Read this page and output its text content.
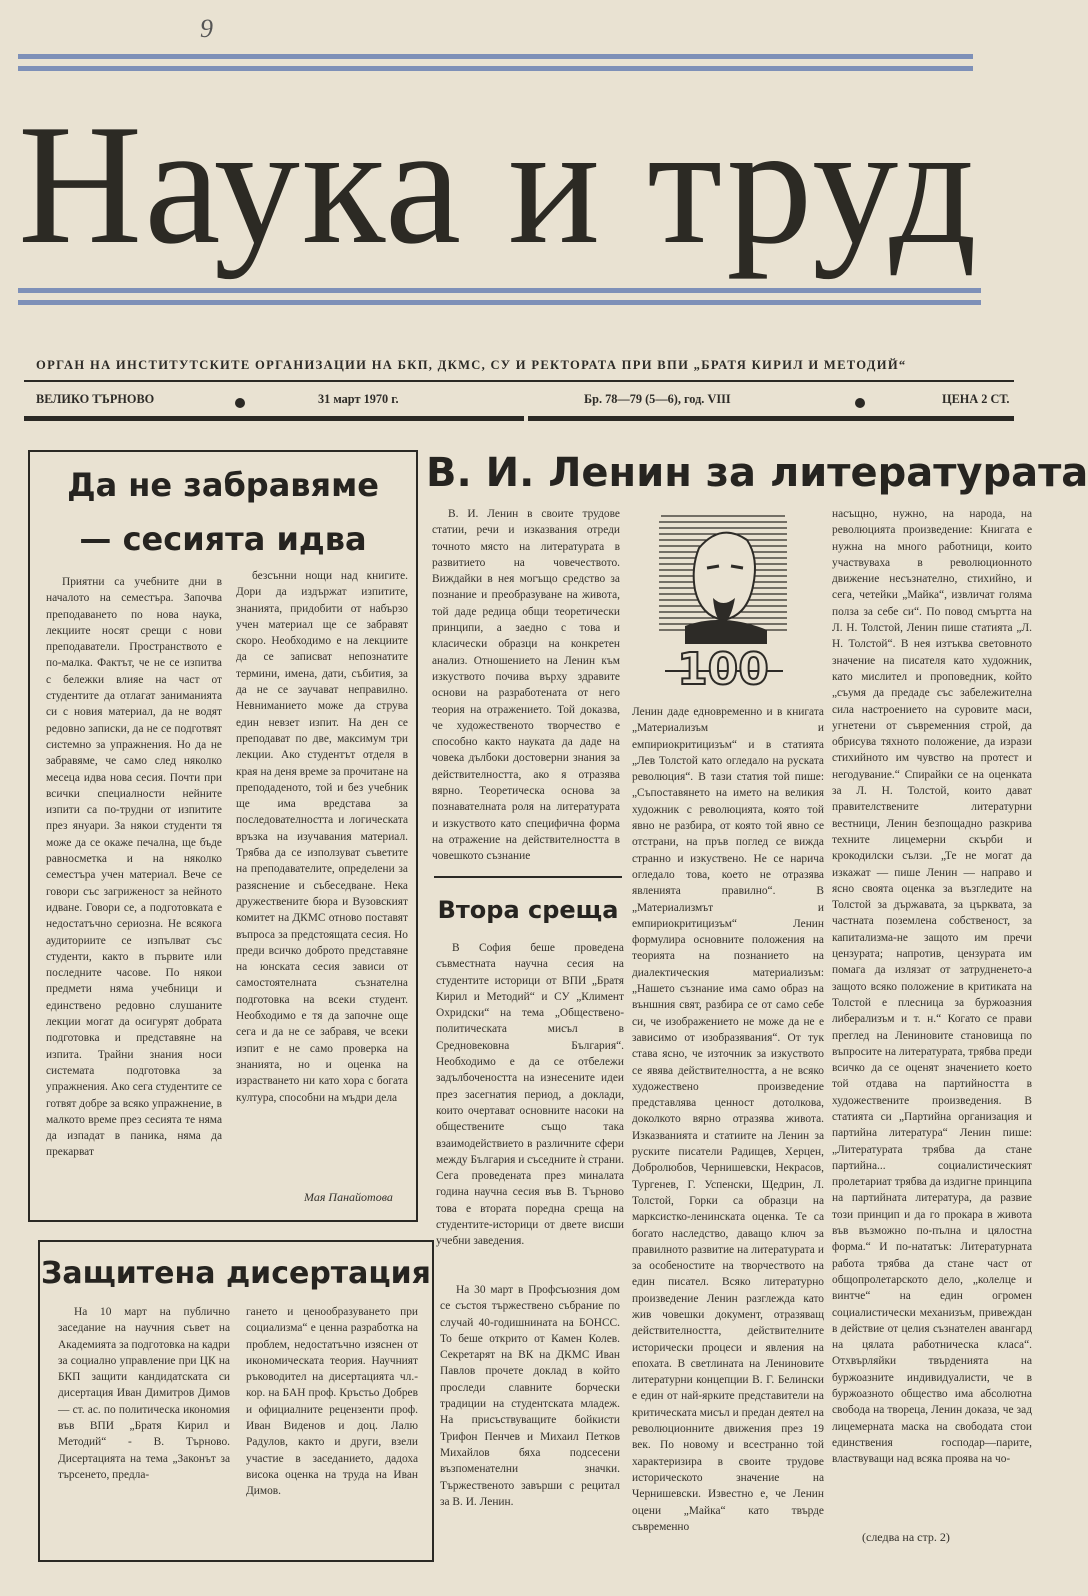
9
Наука и труд
ОРГАН НА ИНСТИТУТСКИТЕ ОРГАНИЗАЦИИ НА БКП, ДКМС, СУ И РЕКТОРАТА ПРИ ВПИ „БРАТЯ КИРИЛ И МЕТОДИЙ“
ВЕЛИКО ТЪРНОВО	31 март 1970 г.	Бр. 78—79 (5—6), год. VIII	ЦЕНА 2 СТ.
Да не забравяме
— сесията идва

Приятни са учебните дни в началото на семестъра. Започва преподаването по нова наука, лекциите носят срещи с нови преподаватели. Пространството е по-малка. Фактът, че не се изпитва с бележки влияе на част от студентите да отлагат заниманията си с новия материал, да не водят редовно записки, да не се подготвят системно за упражнения. Но да не забравяме, че само след няколко месеца идва нова сесия. Почти при всички специалности нейните изпити са по-трудни от изпитите през януари. За някои студенти тя може да се окаже печална, ще бъде равносметка и на няколко семестъра учен материал. Вече се говори със загриженост за нейното идване. Говори се, а подготовката е недостатъчно сериозна. Не всякога аудиториите се изпълват със студенти, както в първите или последните часове. По някои предмети няма учебници и единствено редовно слушаните лекции могат да осигурят добрата подготовка и представяне на изпита. Трайни знания носи системата подготовка за упражнения. Ако сега студентите се готвят добре за всяко упражнение, в малкото време през сесията те няма да изпадат в паника, няма да прекарват

безсънни нощи над книгите. Дори да издържат изпитите, знанията, придобити от набързо учен материал ще се забравят скоро. Необходимо е на лекциите да се записват непознатите термини, имена, дати, събития, за да не се заучават неправилно. Невниманието може да струва един невзет изпит. На ден се преподават по две, максимум три лекции. Ако студентът отделя в края на деня време за прочитане на преподаденото, той и без учебник ще има вредстава за последователността и логическата връзка на изучавания материал. Трябва да се използуват съветите на преподавателите, определени за разяснение и събеседване. Нека дружествените бюра и Вузовският комитет на ДКМС отново поставят въпроса за предстоящата сесия. Но преди всичко доброто представяне на юнската сесия зависи от самостоятелната съзнателна подготовка на всеки студент. Необходимо е тя да започне още сега и да не се забравя, че всеки изпит е не само проверка на знанията, но и оценка на израстването ни като хора с богата култура, способни на мъдри дела

Мая Панайотова
В. И. Ленин за литературата

В. И. Ленин в своите трудове статии, речи и изказвания отреди точното място на литературата в развитието на човечеството. Виждайки в нея могъщо средство за познание и преобразуване на живота, той даде редица общи теоретически принципи, а заедно с това и класически образци на конкретен анализ. Отношението на Ленин към изкуството почива върху здравите основи на разработената от него теория на отражението. Той доказва, че художественото творчество е способно както науката да даде на човека дълбоки достоверни знания за действителността, ако я отразява вярно. Теоретическа основа за познавателната роля на литературата и изкуството като специфична форма на отражение на действителността в човешкото съзнание

100

Ленин даде едновременно и в книгата „Материализъм и емпириокритицизъм“ и в статията „Лев Толстой като огледало на руската революция“. В тази статия той пише: „Съпоставянето на името на великия художник с революцията, която той явно не разбира, от която той явно се отстрани, на пръв поглед се вижда странно и изкуствено. Не се нарича огледало това, което не отразява явленията правилно“. В „Материализмът и емпириокритицизъм“ Ленин формулира основните положения на теорията на познанието на диалектическия материализъм: „Нашето съзнание има само образ на външния свят, разбира се от само себе си, че изображението не може да не е зависимо от изобразявания“. От тук става ясно, че източник за изкуството се явява действителността, а не всяко художествено произведение представлява ценност дотолкова, доколкото вярно отразява живота. Изказванията и статиите на Ленин за руските писатели Радищев, Херцен, Добролюбов, Чернишевски, Некрасов, Тургенев, Г. Успенски, Щедрин, Л. Толстой, Горки са образци на марксистко-ленинската оценка. Те са богато наследство, даващо ключ за правилното развитие на литературата и за особеностите на творчеството на един писател. Всяко литературно произведение Ленин разглежда като жив човешки документ, отразяващ действителността, действителните исторически процеси и явления на епохата. В светлината на Лениновите литературни концепции В. Г. Белински е един от най-ярките представители на критическата мисъл и предан деятел на революционните движения през 19 век. По новому и всестранно той характеризира в своите трудове историческото значение на Чернишевски. Известно е, че Ленин оцени „Майка“ като твърде съвременно

насъщно, нужно, на народа, на революцията произведение: Книгата е нужна на много работници, които участвуваха в революционното движение несъзнателно, стихийно, и сега, четейки „Майка“, извличат голяма полза за себе си“. По повод смъртта на Л. Н. Толстой, Ленин пише статията „Л. Н. Толстой“. В нея изтъква световното значение на писателя като художник, като мислител и проповедник, който „съумя да предаде със забележителна сила настроението на суровите маси, угнетени от съвременния строй, да обрисува тяхното положение, да изрази стихийното им чувство на протест и негодувание.“ Спирайки се на оценката за Л. Н. Толстой, които дават правителствените литературни вестници, Ленин безпощадно разкрива техните лицемерни скърби и крокодилски сълзи. „Те не могат да изкажат — пише Ленин — направо и ясно своята оценка за възгледите на Толстой за държавата, за църквата, за частната поземлена собственост, за капитализма-не защото им пречи цензурата; напротив, цензурата им помага да излязат от затрудненето-а защото всяко положение в критиката на Толстой е плесница за буржоазния либерализъм и т. н.“ Когато се прави преглед на Лениновите становища по въпросите на литературата, трябва преди всичко да се оценят значението което той отдава на партийността в художествените произведения. В статията си „Партийна организация и партийна литература“ Ленин пише: „Литературата трябва да стане партийна... социалистическият пролетариат трябва да издигне принципа на партийната литература, да развие този принцип и да го прокара в живота във възможно по-пълна и цялостна форма.“ И по-нататък: Литературната работа трябва да стане част от общопролетарското дело, „колелце и винтче“ на един огромен социалистически механизъм, привеждан в действие от целия съзнателен авангард на цялата работническа класа“. Отхвърляйки твърденията на буржоазните индивидуалисти, че в буржоазното общество има абсолютна свобода на твореца, Ленин доказа, че зад лицемерната маска на свободата стои единствения господар—парите, властвуващи над всяка проява на чо-

(следва на стр. 2)
Втора среща

В София беше проведена съвместната научна сесия на студентите историци от ВПИ „Братя Кирил и Методий“ и СУ „Климент Охридски“ на тема „Обществено-политическата мисъл в Средновековна България“. Необходимо е да се отбележи задълбочеността на изнесените идеи през засегнатия период, а доклади, които очертават основните насоки на обществените също така взаимодействието в различните сфери между България и съседните ѝ страни. Сега проведената през миналата година научна сесия във В. Търново това е втората поредна среща на студентите-историци от двете висши учебни заведения.

Защитена дисертация

На 10 март на публично заседание на научния съвет на Академията за подготовка на кадри за социално управление при ЦК на БКП защити кандидатската си дисертация Иван Димитров Димов — ст. ас. по политическа икономия във ВПИ „Братя Кирил и Методий“ - В. Търново. Дисертацията на тема „Законът за търсенето, предла-

гането и ценообразуването при социализма“ е ценна разработка на проблем, недостатъчно изяснен от икономическата теория. Научният ръководител на дисертацията чл.-кор. на БАН проф. Кръстьо Добрев и официалните рецензенти проф. Иван Виденов и доц. Лалю Радулов, както и други, взели участие в заседанието, дадоха висока оценка на труда на Иван Димов.

На 30 март в Профсъюзния дом се състоя тържествено събрание по случай 40-годишнината на БОНСС. То беше открито от Камен Колев. Секретарят на ВК на ДКМС Иван Павлов прочете доклад в който проследи славните борчески традиции на студентската младеж. На присъствуващите бойкисти Трифон Пенчев и Михаил Петков Михайлов бяха подсесени възпоменателни значки. Тържественото завърши с рецитал за В. И. Ленин.
